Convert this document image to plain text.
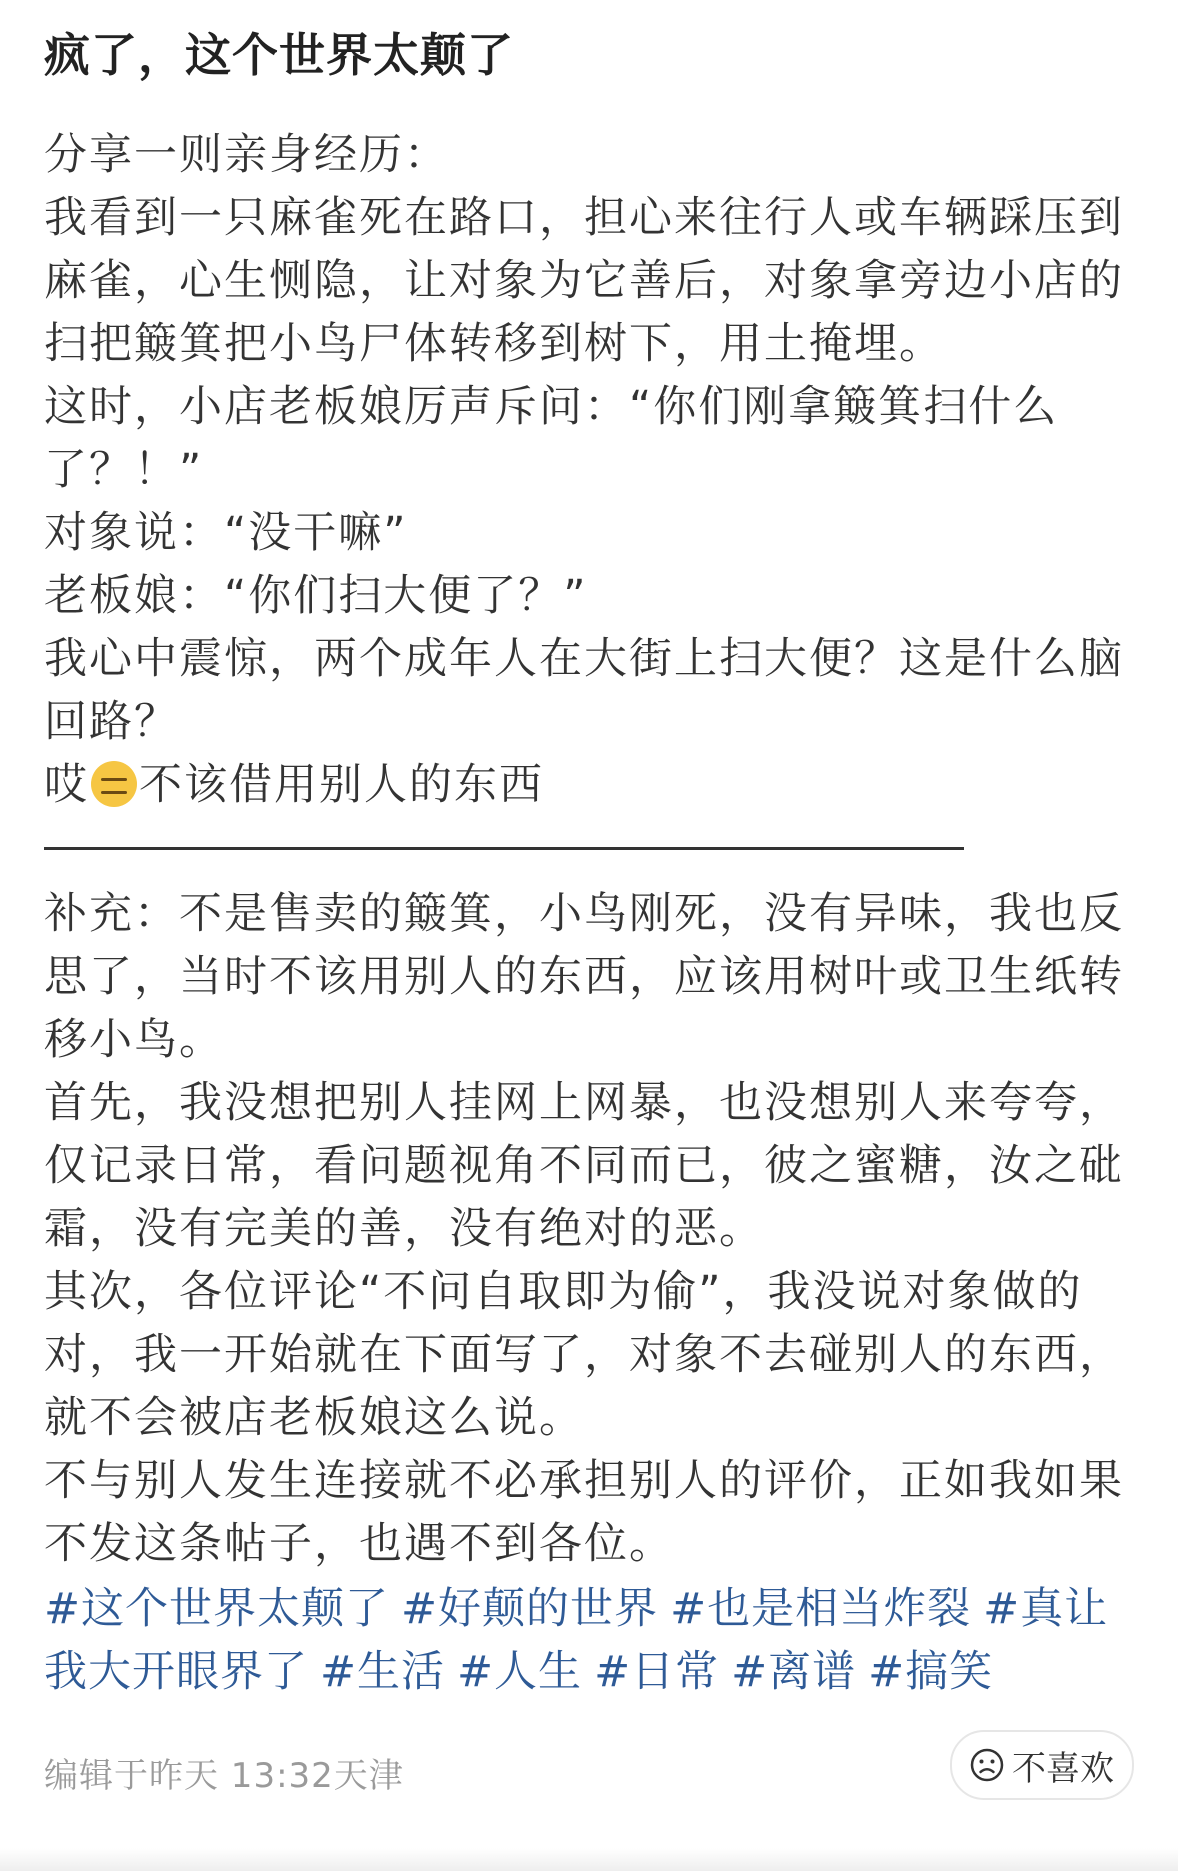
疯了，这个世界太颠了

分享一则亲身经历：

我看到一只麻雀死在路口，担心来往行人或车辆踩压到麻雀，心生恻隐，让对象为它善后，对象拿旁边小店的扫把簸箕把小鸟尸体转移到树下，用土掩埋。

这时，小店老板娘厉声斥问：“你们刚拿簸箕扫什么了？！”

对象说：“没干嘛”

老板娘：“你们扫大便了？”

我心中震惊，两个成年人在大街上扫大便？这是什么脑回路？

哎 不该借用别人的东西

补充：不是售卖的簸箕，小鸟刚死，没有异味，我也反思了，当时不该用别人的东西，应该用树叶或卫生纸转移小鸟。

首先，我没想把别人挂网上网暴，也没想别人来夸夸，仅记录日常，看问题视角不同而已，彼之蜜糖，汝之砒霜，没有完美的善，没有绝对的恶。

其次，各位评论“不问自取即为偷”，我没说对象做的对，我一开始就在下面写了，对象不去碰别人的东西，就不会被店老板娘这么说。

不与别人发生连接就不必承担别人的评价，正如我如果不发这条帖子，也遇不到各位。

#这个世界太颠了 #好颠的世界 #也是相当炸裂 #真让我大开眼界了 #生活 #人生 #日常 #离谱 #搞笑
编辑于昨天 13:32天津	不喜欢
